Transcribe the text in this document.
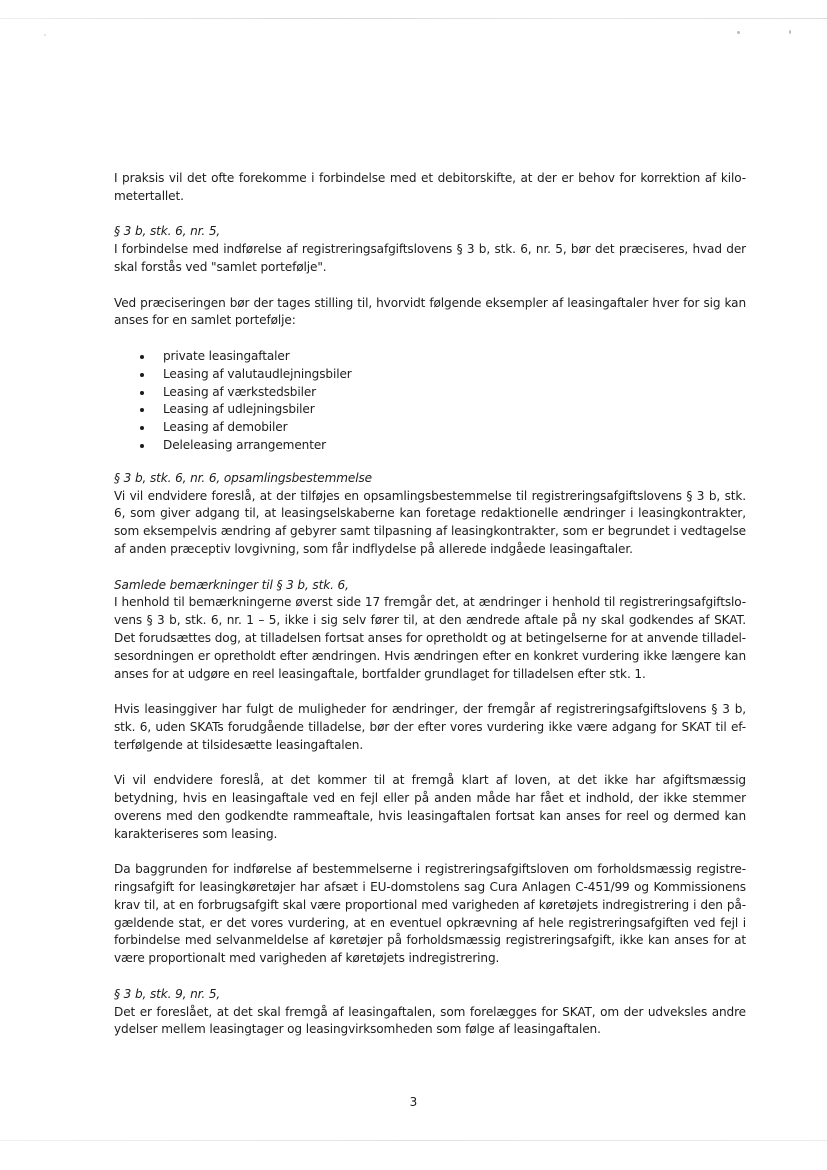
I praksis vil det ofte forekomme i forbindelse med et debitorskifte, at der er behov for korrektion af kilo-metertallet.

§ 3 b, stk. 6, nr. 5,

I forbindelse med indførelse af registreringsafgiftslovens § 3 b, stk. 6, nr. 5, bør det præciseres, hvad der skal forstås ved "samlet portefølje".

Ved præciseringen bør der tages stilling til, hvorvidt følgende eksempler af leasingaftaler hver for sig kan anses for en samlet portefølje:

private leasingaftaler
Leasing af valutaudlejningsbiler
Leasing af værkstedsbiler
Leasing af udlejningsbiler
Leasing af demobiler
Deleleasing arrangementer
§ 3 b, stk. 6, nr. 6, opsamlingsbestemmelse

Vi vil endvidere foreslå, at der tilføjes en opsamlingsbestemmelse til registreringsafgiftslovens § 3 b, stk. 6, som giver adgang til, at leasingselskaberne kan foretage redaktionelle ændringer i leasingkontrakter, som eksempelvis ændring af gebyrer samt tilpasning af leasingkontrakter, som er begrundet i vedtagelse af anden præceptiv lovgivning, som får indflydelse på allerede indgåede leasingaftaler.

Samlede bemærkninger til § 3 b, stk. 6,

I henhold til bemærkningerne øverst side 17 fremgår det, at ændringer i henhold til registreringsafgiftslo-vens § 3 b, stk. 6, nr. 1 – 5, ikke i sig selv fører til, at den ændrede aftale på ny skal godkendes af SKAT. Det forudsættes dog, at tilladelsen fortsat anses for opretholdt og at betingelserne for at anvende tilladel-sesordningen er opretholdt efter ændringen. Hvis ændringen efter en konkret vurdering ikke længere kan anses for at udgøre en reel leasingaftale, bortfalder grundlaget for tilladelsen efter stk. 1.

Hvis leasinggiver har fulgt de muligheder for ændringer, der fremgår af registreringsafgiftslovens § 3 b, stk. 6, uden SKATs forudgående tilladelse, bør der efter vores vurdering ikke være adgang for SKAT til ef-terfølgende at tilsidesætte leasingaftalen.

Vi vil endvidere foreslå, at det kommer til at fremgå klart af loven, at det ikke har afgiftsmæssig betydning, hvis en leasingaftale ved en fejl eller på anden måde har fået et indhold, der ikke stemmer overens med den godkendte rammeaftale, hvis leasingaftalen fortsat kan anses for reel og dermed kan karakteriseres som leasing.

Da baggrunden for indførelse af bestemmelserne i registreringsafgiftsloven om forholdsmæssig registre-ringsafgift for leasingkøretøjer har afsæt i EU-domstolens sag Cura Anlagen C-451/99 og Kommissionens krav til, at en forbrugsafgift skal være proportional med varigheden af køretøjets indregistrering i den på-gældende stat, er det vores vurdering, at en eventuel opkrævning af hele registreringsafgiften ved fejl i forbindelse med selvanmeldelse af køretøjer på forholdsmæssig registreringsafgift, ikke kan anses for at være proportionalt med varigheden af køretøjets indregistrering.

§ 3 b, stk. 9, nr. 5,

Det er foreslået, at det skal fremgå af leasingaftalen, som forelægges for SKAT, om der udveksles andre ydelser mellem leasingtager og leasingvirksomheden som følge af leasingaftalen.

3
